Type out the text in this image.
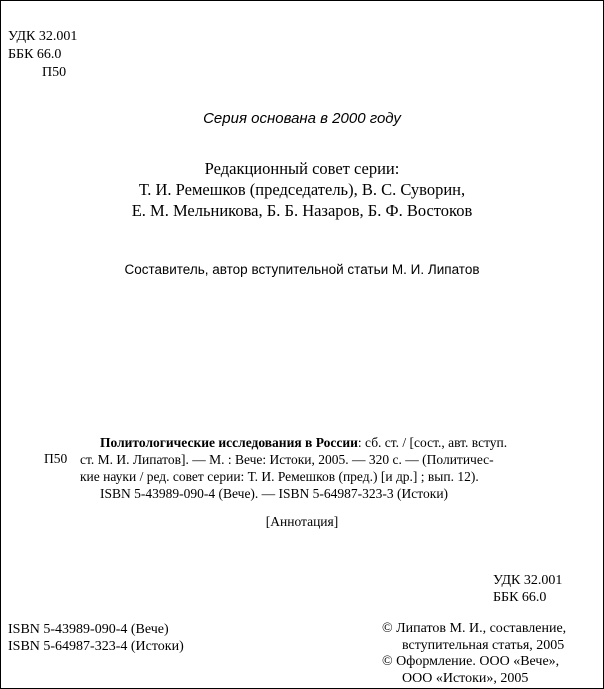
УДК 32.001
ББК 66.0
П50
Серия основана в 2000 году
Редакционный совет серии:
Т. И. Ремешков (председатель), В. С. Суворин,
Е. М. Мельникова, Б. Б. Назаров, Б. Ф. Востоков
Составитель, автор вступительной статьи М. И. Липатов
П50
Политологические исследования в России: сб. ст. / [сост., авт. вступ.
ст. М. И. Липатов]. — М. : Вече: Истоки, 2005. — 320 с. — (Политичес-
кие науки / ред. совет серии: Т. И. Ремешков (пред.) [и др.] ; вып. 12).
ISBN 5-43989-090-4 (Вече). — ISBN 5-64987-323-3 (Истоки)
[Аннотация]
УДК 32.001
ББК 66.0
ISBN 5-43989-090-4 (Вече)
ISBN 5-64987-323-4 (Истоки)
© Липатов М. И., составление,
вступительная статья, 2005
© Оформление. ООО «Вече»,
ООО «Истоки», 2005
